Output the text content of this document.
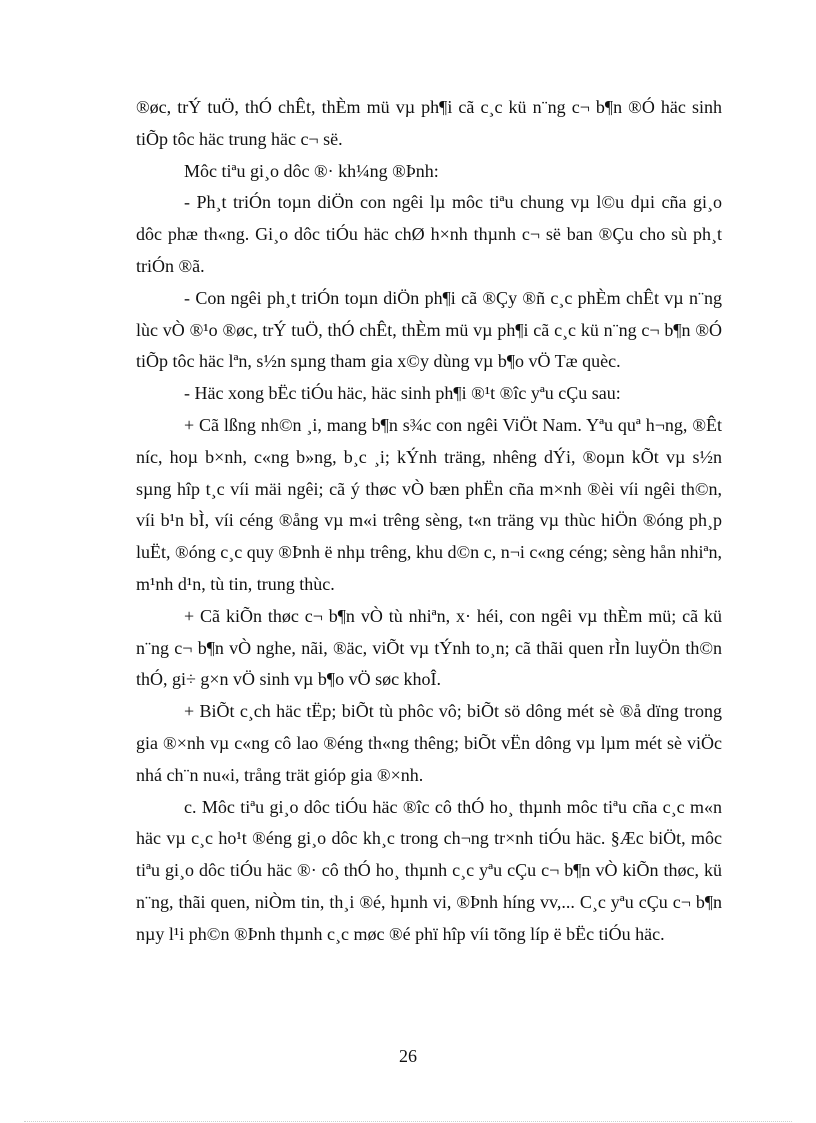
®øc, trÝ tuÖ, thÓ chÊt, thÈm mü vµ ph¶i cã c¸c kü n¨ng c¬ b¶n ®Ó häc sinh tiÕp tôc häc trung häc c¬ së.

Môc tiªu gi¸o dôc ®· kh¼ng ®Þnh:

- Ph¸t triÓn toµn diÖn con ngêi lµ môc tiªu chung vµ l©u dµi cña gi¸o dôc phæ th«ng. Gi¸o dôc tiÓu häc chØ h×nh thµnh c¬ së ban ®Çu cho sù ph¸t triÓn ®ã.

- Con ngêi ph¸t triÓn toµn diÖn ph¶i cã ®Çy ®ñ c¸c phÈm chÊt vµ n¨ng lùc vÒ ®¹o ®øc, trÝ tuÖ, thÓ chÊt, thÈm mü vµ ph¶i cã c¸c kü n¨ng c¬ b¶n ®Ó tiÕp tôc häc lªn, s½n sµng tham gia x©y dùng vµ b¶o vÖ Tæ quèc.

- Häc xong bËc tiÓu häc, häc sinh ph¶i ®¹t ®îc yªu cÇu sau:

+ Cã lßng nh©n ¸i, mang b¶n s¾c con ngêi ViÖt Nam. Yªu quª h¬ng, ®Êt níc, hoµ b×nh, c«ng b»ng, b¸c ¸i; kÝnh träng, nhêng dÝi, ®oµn kÕt vµ s½n sµng hîp t¸c víi mäi ngêi; cã ý thøc vÒ bæn phËn cña m×nh ®èi víi ngêi th©n, víi b¹n bÌ, víi céng ®ång vµ m«i trêng sèng, t«n träng vµ thùc hiÖn ®óng ph¸p luËt, ®óng c¸c quy ®Þnh ë nhµ trêng, khu d©n c, n¬i c«ng céng; sèng hån nhiªn, m¹nh d¹n, tù tin, trung thùc.

+ Cã kiÕn thøc c¬ b¶n vÒ tù nhiªn, x· héi, con ngêi vµ thÈm mü; cã kü n¨ng c¬ b¶n vÒ nghe, nãi, ®äc, viÕt vµ tÝnh to¸n; cã thãi quen rÌn luyÖn th©n thÓ, gi÷ g×n vÖ sinh vµ b¶o vÖ søc khoÎ.

+ BiÕt c¸ch häc tËp; biÕt tù phôc vô; biÕt sö dông mét sè ®å dïng trong gia ®×nh vµ c«ng cô lao ®éng th«ng thêng; biÕt vËn dông vµ lµm mét sè viÖc nhá ch¨n nu«i, trång trät gióp gia ®×nh.

c. Môc tiªu gi¸o dôc tiÓu häc ®îc cô thÓ ho¸ thµnh môc tiªu cña c¸c m«n häc vµ c¸c ho¹t ®éng gi¸o dôc kh¸c trong ch¬ng tr×nh tiÓu häc. §Æc biÖt, môc tiªu gi¸o dôc tiÓu häc ®· cô thÓ ho¸ thµnh c¸c yªu cÇu c¬ b¶n vÒ kiÕn thøc, kü n¨ng, thãi quen, niÒm tin, th¸i ®é, hµnh vi, ®Þnh híng vv,... C¸c yªu cÇu c¬ b¶n nµy l¹i ph©n ®Þnh thµnh c¸c møc ®é phï hîp víi tõng líp ë bËc tiÓu häc.

26
